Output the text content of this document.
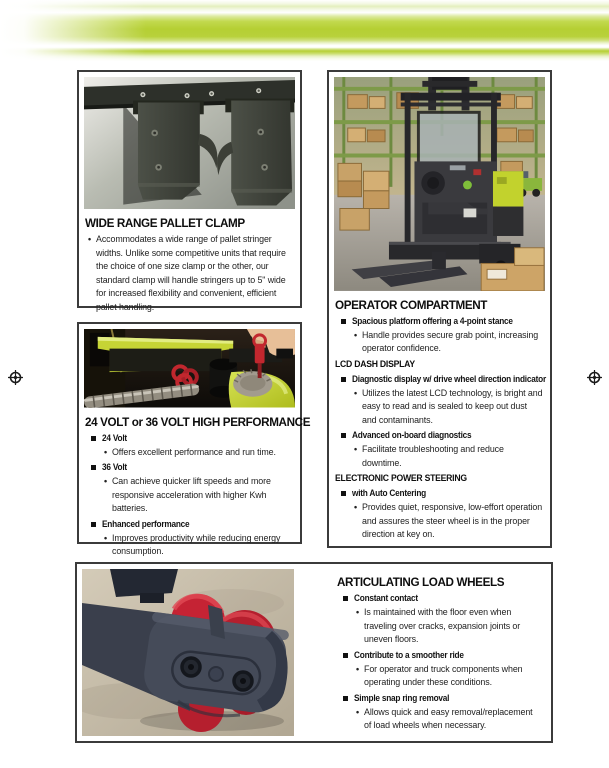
WIDE RANGE PALLET CLAMP
• Accommodates a wide range of pallet stringer widths. Unlike some competitive units that require the choice of one size clamp or the other, our standard clamp will handle stringers up to 5" wide for increased flexibility and convenient, efficient pallet handling.
24 VOLT or 36 VOLT HIGH PERFORMANCE
24 Volt
• Offers excellent performance and run time.
36 Volt
• Can achieve quicker lift speeds and more responsive acceleration with higher Kwh batteries.
Enhanced performance
• Improves productivity while reducing energy consumption.
OPERATOR COMPARTMENT
Spacious platform offering a 4-point stance
• Handle provides secure grab point, increasing operator confidence.
LCD DASH DISPLAY
Diagnostic display w/ drive wheel direction indicator
• Utilizes the latest LCD technology, is bright and easy to read and is sealed to keep out dust and contaminants.
Advanced on-board diagnostics
• Facilitate troubleshooting and reduce downtime.
ELECTRONIC POWER STEERING
with Auto Centering
• Provides quiet, responsive, low-effort operation and assures the steer wheel is in the proper direction at key on.
ARTICULATING LOAD WHEELS
Constant contact
• Is maintained with the floor even when traveling over cracks, expansion joints or uneven floors.
Contribute to a smoother ride
• For operator and truck components when operating under these conditions.
Simple snap ring removal
• Allows quick and easy removal/replacement of load wheels when necessary.
